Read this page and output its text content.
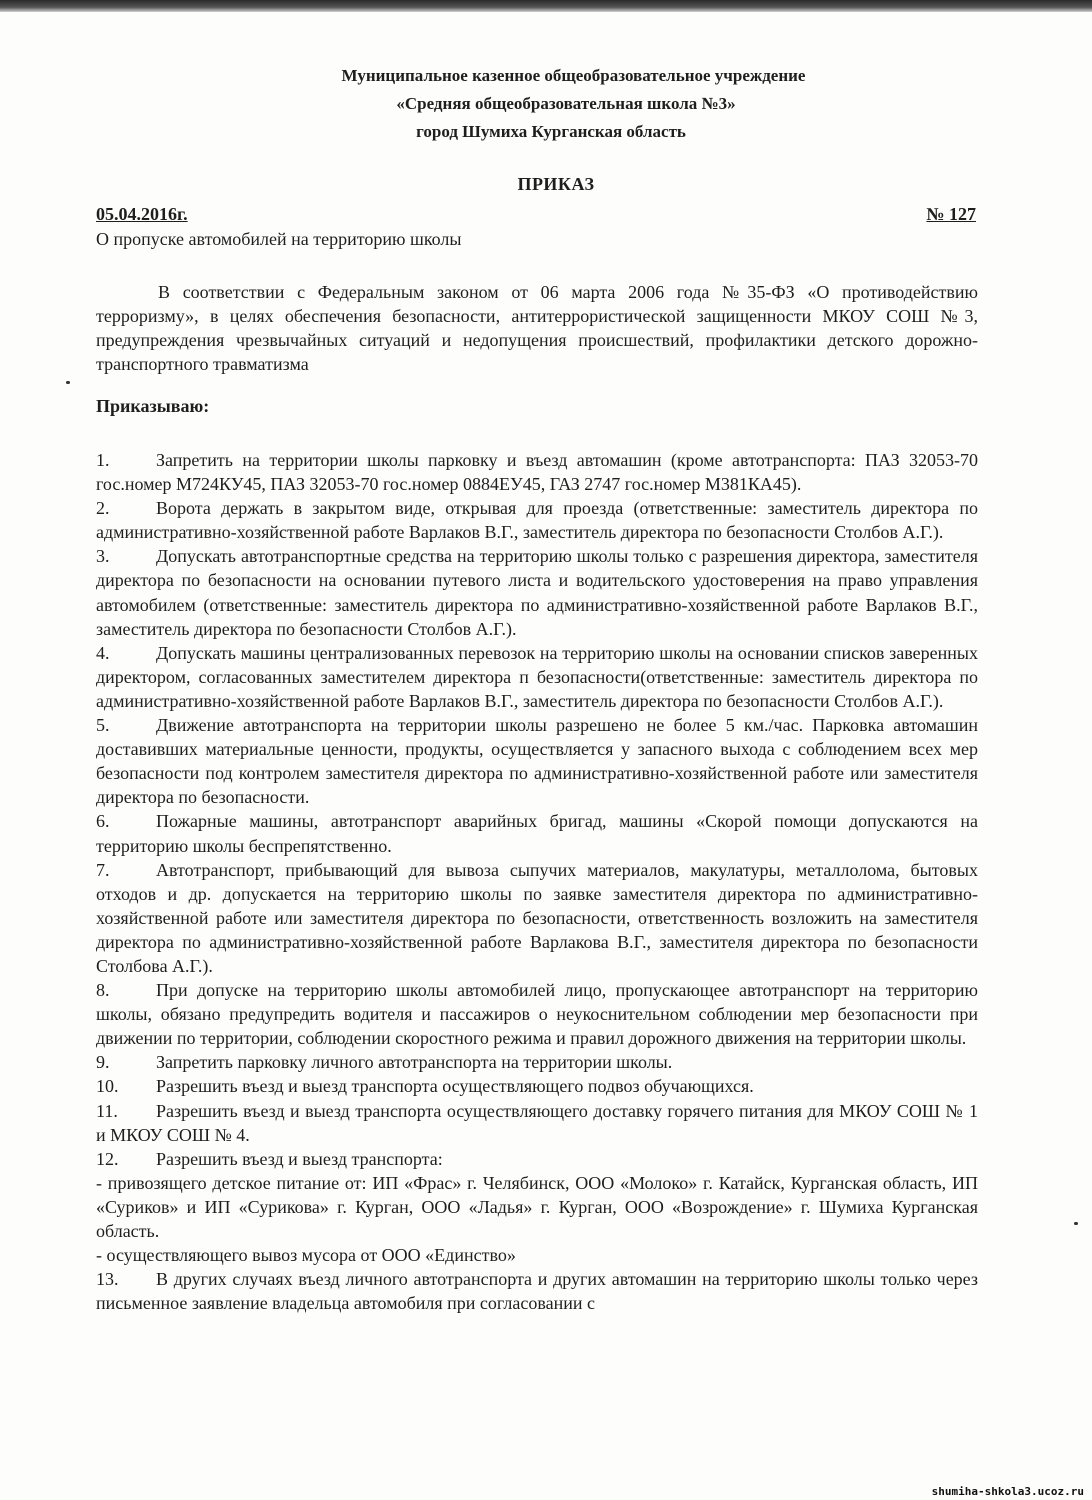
Муниципальное казенное общеобразовательное учреждение
«Средняя общеобразовательная школа №3»
город Шумиха Курганская область
ПРИКАЗ
05.04.2016г.	№ 127
О пропуске автомобилей на территорию школы
В соответствии с Федеральным законом от 06 марта 2006 года №35-ФЗ «О противодействию терроризму», в целях обеспечения безопасности, антитеррористической защищенности МКОУ СОШ №3, предупреждения чрезвычайных ситуаций и недопущения происшествий, профилактики детского дорожно-транспортного травматизма
Приказываю:

1.	Запретить на территории школы парковку и въезд автомашин (кроме автотранспорта: ПАЗ 32053-70 гос.номер М724КУ45, ПАЗ 32053-70 гос.номер 0884ЕУ45, ГАЗ 2747 гос.номер М381КА45).

2.	Ворота держать в закрытом виде, открывая для проезда (ответственные: заместитель директора по административно-хозяйственной работе Варлаков В.Г., заместитель директора по безопасности Столбов А.Г.).

3.	Допускать автотранспортные средства на территорию школы только с разрешения директора, заместителя директора по безопасности на основании путевого листа и водительского удостоверения на право управления автомобилем (ответственные: заместитель директора по административно-хозяйственной работе Варлаков В.Г., заместитель директора по безопасности Столбов А.Г.).

4.	Допускать машины централизованных перевозок на территорию школы на основании списков заверенных директором, согласованных заместителем директора п безопасности(ответственные: заместитель директора по административно-хозяйственной работе Варлаков В.Г., заместитель директора по безопасности Столбов А.Г.).

5.	Движение автотранспорта на территории школы разрешено не более 5 км./час. Парковка автомашин доставивших материальные ценности, продукты, осуществляется у запасного выхода с соблюдением всех мер безопасности под контролем заместителя директора по административно-хозяйственной работе или заместителя директора по безопасности.

6.	Пожарные машины, автотранспорт аварийных бригад, машины «Скорой помощи допускаются на территорию школы беспрепятственно.

7.	Автотранспорт, прибывающий для вывоза сыпучих материалов, макулатуры, металлолома, бытовых отходов и др. допускается на территорию школы по заявке заместителя директора по административно-хозяйственной работе или заместителя директора по безопасности, ответственность возложить на заместителя директора по административно-хозяйственной работе Варлакова В.Г., заместителя директора по безопасности Столбова А.Г.).

8.	При допуске на территорию школы автомобилей лицо, пропускающее автотранспорт на территорию школы, обязано предупредить водителя и пассажиров о неукоснительном соблюдении мер безопасности при движении по территории, соблюдении скоростного режима и правил дорожного движения на территории школы.

9.	Запретить парковку личного автотранспорта на территории школы.

10. Разрешить въезд и выезд транспорта осуществляющего подвоз обучающихся.

11. Разрешить въезд и выезд транспорта осуществляющего доставку горячего питания для МКОУ СОШ № 1 и МКОУ СОШ № 4.

12. Разрешить въезд и выезд транспорта:

- привозящего детское питание от: ИП «Фрас» г. Челябинск, ООО «Молоко» г. Катайск, Курганская область, ИП «Суриков» и ИП «Сурикова» г. Курган, ООО «Ладья» г. Курган, ООО «Возрождение» г. Шумиха Курганская область.

- осуществляющего вывоз мусора от ООО «Единство»

13. В других случаях въезд личного автотранспорта и других автомашин на территорию школы только через письменное заявление владельца автомобиля при согласовании с

shumiha-shkola3.ucoz.ru
